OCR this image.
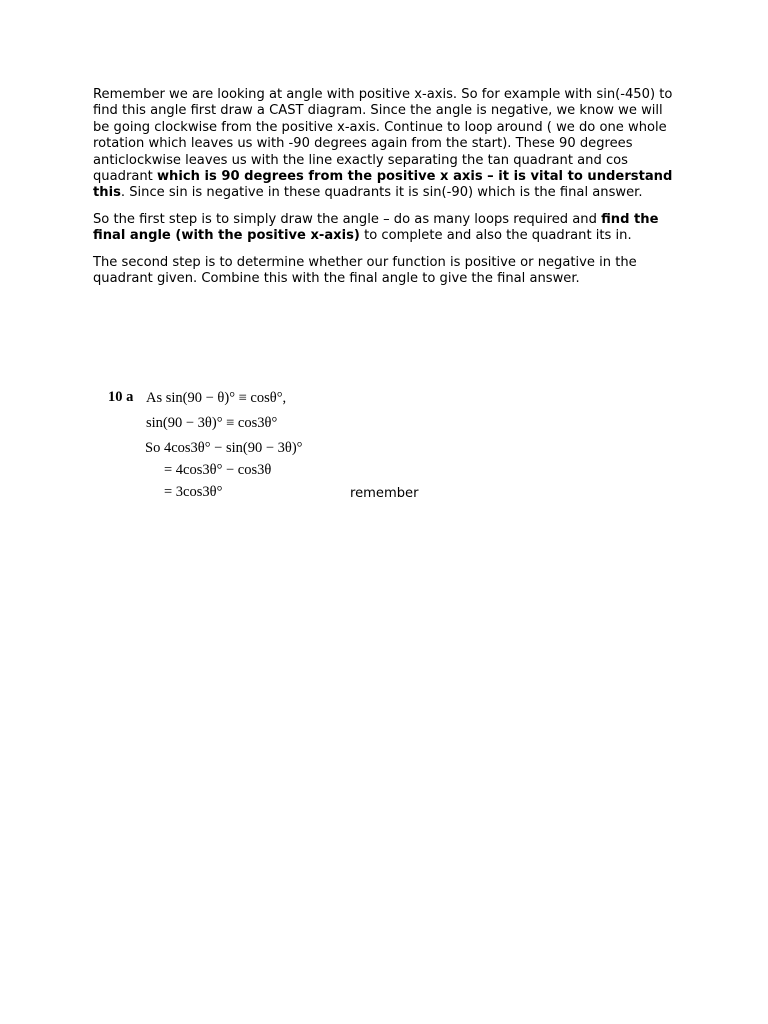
Remember we are looking at angle with positive x-axis. So for example with sin(-450) to find this angle first draw a CAST diagram. Since the angle is negative, we know we will be going clockwise from the positive x-axis. Continue to loop around ( we do one whole rotation which leaves us with -90 degrees again from the start). These 90 degrees anticlockwise leaves us with the line exactly separating the tan quadrant and cos quadrant which is 90 degrees from the positive x axis – it is vital to understand this. Since sin is negative in these quadrants it is sin(-90) which is the final answer.

So the first step is to simply draw the angle – do as many loops required and find the final angle (with the positive x-axis) to complete and also the quadrant its in.

The second step is to determine whether our function is positive or negative in the quadrant given. Combine this with the final angle to give the final answer.

10 a As sin(90 − θ)° ≡ cosθ°,
sin(90 − 3θ)° ≡ cos3θ°
So 4cos3θ° − sin(90 − 3θ)°
= 4cos3θ° − cos3θ
= 3cos3θ°	remember
